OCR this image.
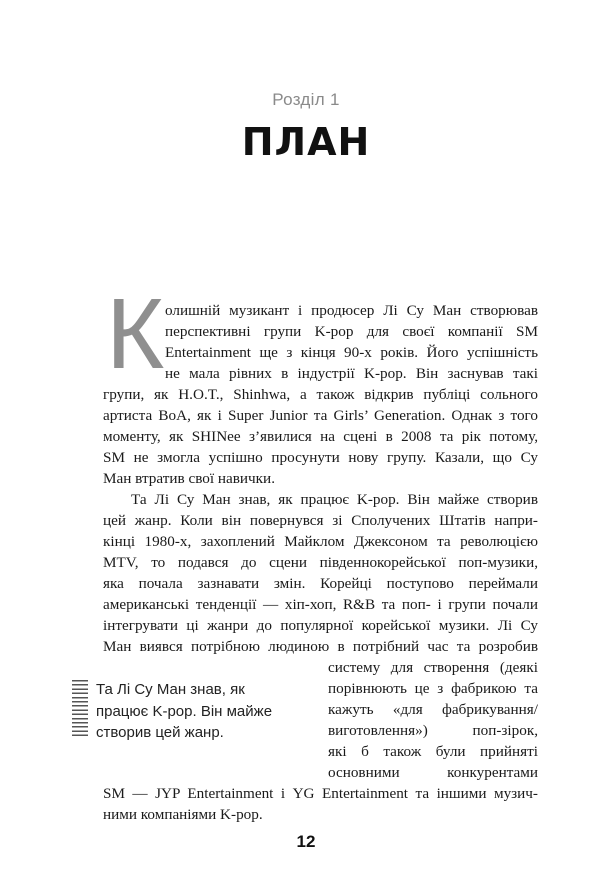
Розділ 1
ПЛАН
К олишній музикант і продюсер Лі Су Ман створював
перспективні групи K-pop для своєї компанії SM
Entertainment ще з кінця 90-х років. Його успішність
не мала рівних в індустрії K-pop. Він заснував такі
групи, як H.O.T., Shinhwa, а також відкрив публіці сольного
артиста BoA, як і Super Junior та Girls’ Generation. Однак з того
моменту, як SHINee з’явилися на сцені в 2008 та рік потому,
SM не змогла успішно просунути нову групу. Казали, що Су
Ман втратив свої навички.
Та Лі Су Ман знав, як працює K-pop. Він майже створив
цей жанр. Коли він повернувся зі Сполучених Штатів напри-
кінці 1980-х, захоплений Майклом Джексоном та революцією
MTV, то подався до сцени південнокорейської поп-музики,
яка почала зазнавати змін. Корейці поступово переймали
американські тенденції — хіп-хоп, R&B та поп- і групи почали
інтегрувати ці жанри до популярної корейської музики. Лі Су
Ман виявся потрібною людиною в потрібний час та розробив
систему для створення (деякі
порівнюють це з фабрикою та
кажуть «для фабрикування/
виготовлення») поп-зірок,
які б також були прийняті
основними конкурентами
SM — JYP Entertainment і YG Entertainment та іншими музич-
ними компаніями K-pop.
Та Лі Су Ман знав, як
працює K-pop. Він майже
створив цей жанр.
12
